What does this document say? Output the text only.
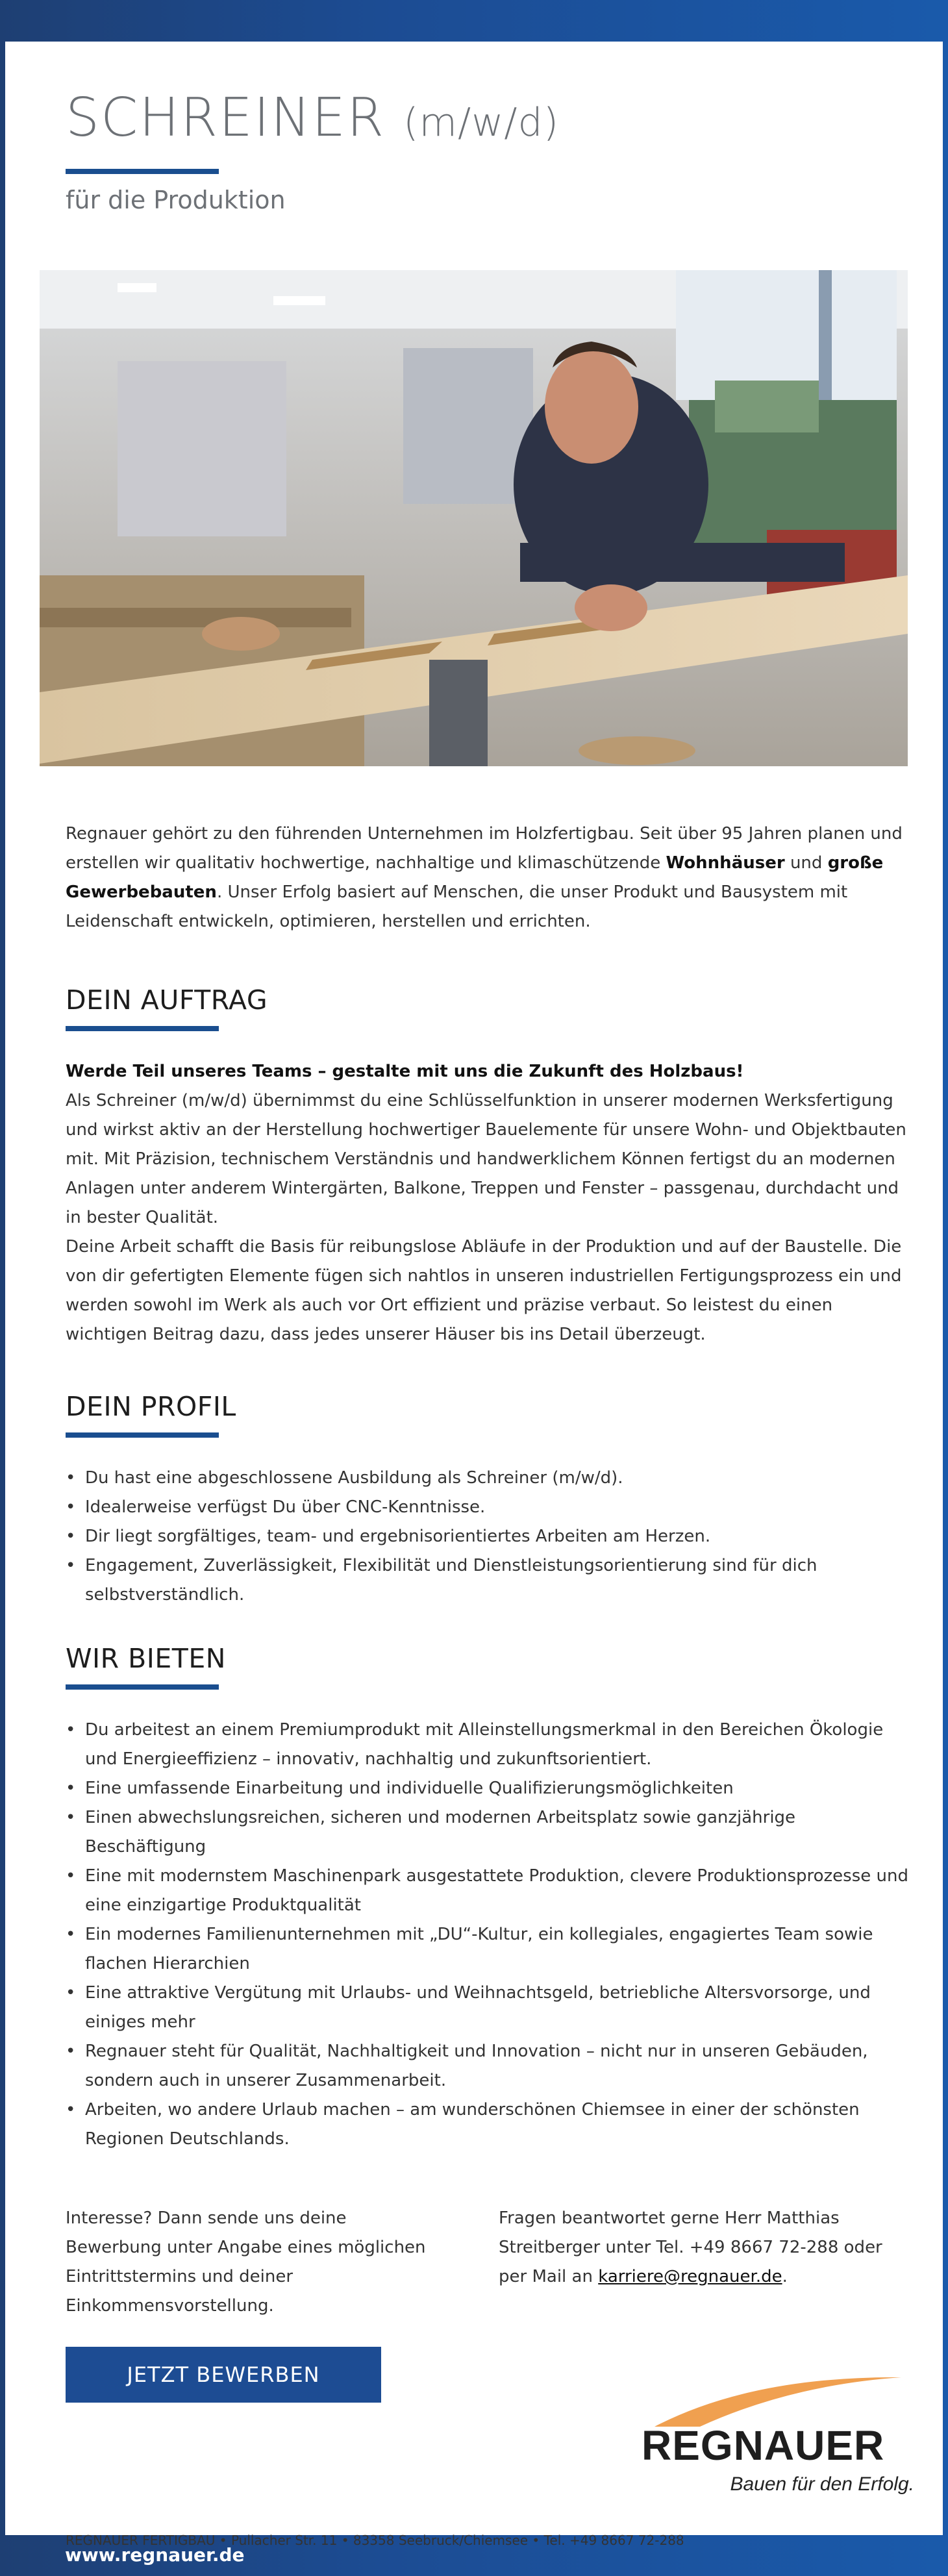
SCHREINER (m/w/d)
für die Produktion

Regnauer gehört zu den führenden Unternehmen im Holzfertigbau. Seit über 95 Jahren planen und erstellen wir qualitativ hochwertige, nachhaltige und klimaschützende Wohnhäuser und große Gewerbebauten. Unser Erfolg basiert auf Menschen, die unser Produkt und Bausystem mit Leidenschaft entwickeln, optimieren, herstellen und errichten.

DEIN AUFTRAG

Werde Teil unseres Teams – gestalte mit uns die Zukunft des Holzbaus!

Als Schreiner (m/w/d) übernimmst du eine Schlüsselfunktion in unserer modernen Werksfertigung und wirkst aktiv an der Herstellung hochwertiger Bauelemente für unsere Wohn- und Objektbauten mit. Mit Präzision, technischem Verständnis und handwerklichem Können fertigst du an modernen Anlagen unter anderem Wintergärten, Balkone, Treppen und Fenster – passgenau, durchdacht und in bester Qualität.

Deine Arbeit schafft die Basis für reibungslose Abläufe in der Produktion und auf der Baustelle. Die von dir gefertigten Elemente fügen sich nahtlos in unseren industriellen Fertigungsprozess ein und werden sowohl im Werk als auch vor Ort effizient und präzise verbaut. So leistest du einen wichtigen Beitrag dazu, dass jedes unserer Häuser bis ins Detail überzeugt.

DEIN PROFIL
• Du hast eine abgeschlossene Ausbildung als Schreiner (m/w/d).
• Idealerweise verfügst Du über CNC-Kenntnisse.
• Dir liegt sorgfältiges, team- und ergebnisorientiertes Arbeiten am Herzen.
• Engagement, Zuverlässigkeit, Flexibilität und Dienstleistungsorientierung sind für dich selbstverständlich.
WIR BIETEN
• Du arbeitest an einem Premiumprodukt mit Alleinstellungsmerkmal in den Bereichen Ökologie und Energieeffizienz – innovativ, nachhaltig und zukunftsorientiert.
• Eine umfassende Einarbeitung und individuelle Qualifizierungsmöglichkeiten
• Einen abwechslungsreichen, sicheren und modernen Arbeitsplatz sowie ganzjährige Beschäftigung
• Eine mit modernstem Maschinenpark ausgestattete Produktion, clevere Produktionsprozesse und eine einzigartige Produktqualität
• Ein modernes Familienunternehmen mit „DU“-Kultur, ein kollegiales, engagiertes Team sowie flachen Hierarchien
• Eine attraktive Vergütung mit Urlaubs- und Weihnachtsgeld, betriebliche Altersvorsorge, und einiges mehr
• Regnauer steht für Qualität, Nachhaltigkeit und Innovation – nicht nur in unseren Gebäuden, sondern auch in unserer Zusammenarbeit.
• Arbeiten, wo andere Urlaub machen – am wunderschönen Chiemsee in einer der schönsten Regionen Deutschlands.
Interesse? Dann sende uns deine Bewerbung unter Angabe eines möglichen Eintrittstermins und deiner Einkommensvorstellung.
Fragen beantwortet gerne Herr Matthias Streitberger unter Tel. +49 8667 72-288 oder per Mail an karriere@regnauer.de.
JETZT BEWERBEN
REGNAUER
Bauen für den Erfolg.
REGNAUER FERTIGBAU • Pullacher Str. 11 • 83358 Seebruck/Chiemsee • Tel. +49 8667 72-288
www.regnauer.de
